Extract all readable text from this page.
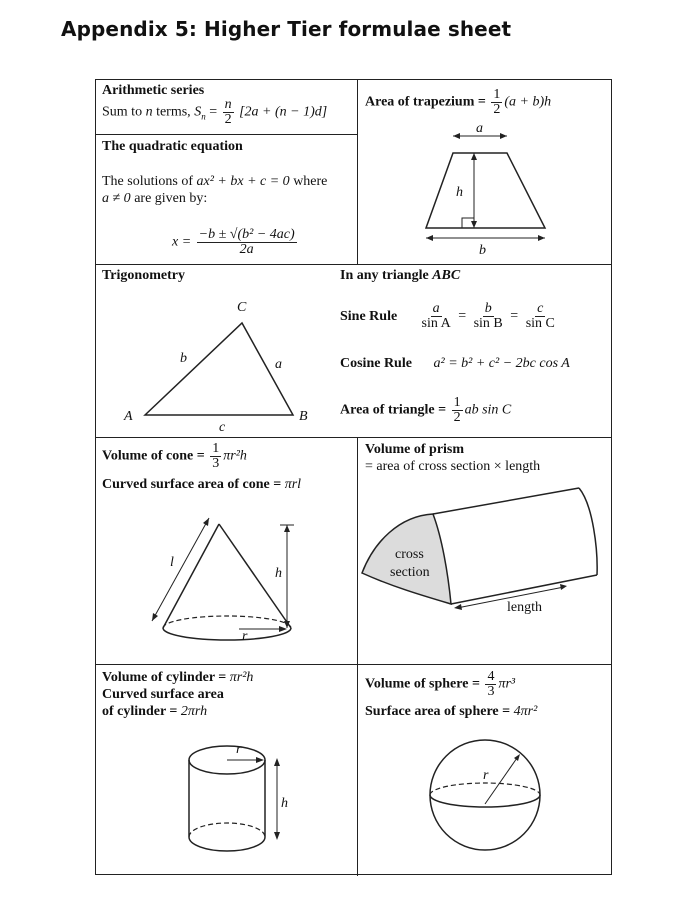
Appendix 5: Higher Tier formulae sheet
Arithmetic series
Sum to n terms, $S_n = \frac{n}{2} [2a + (n - 1)d]$
Area of trapezium = $\frac{1}{2} (a + b)h$
a
h
b
The quadratic equation
The solutions of ax² + bx + c = 0 where
a ≠ 0 are given by:
$x = \frac{\text{−b ± √(b² − 4ac)}}{2a}$
Trigonometry
C
A	B
b	a
c
In any triangle ABC
Sine Rule $\frac{a}{\text{sin A}} = \frac{b}{\text{sin B}} = \frac{c}{\text{sin C}}$
Cosine Rule a² = b² + c² − 2bc cos A
Area of triangle = $\frac{1}{2}$ ab sin C
Volume of cone = $\frac{1}{3} \pi r^2h$
Curved surface area of cone = πrl
l
h
r
Volume of prism
= area of cross section × length
cross
section
length
Volume of cylinder = πr²h
Curved surface area
of cylinder = 2πrh
r
h
Volume of sphere = $\frac{4}{3} \pi r^3$
Surface area of sphere = 4πr²
r
